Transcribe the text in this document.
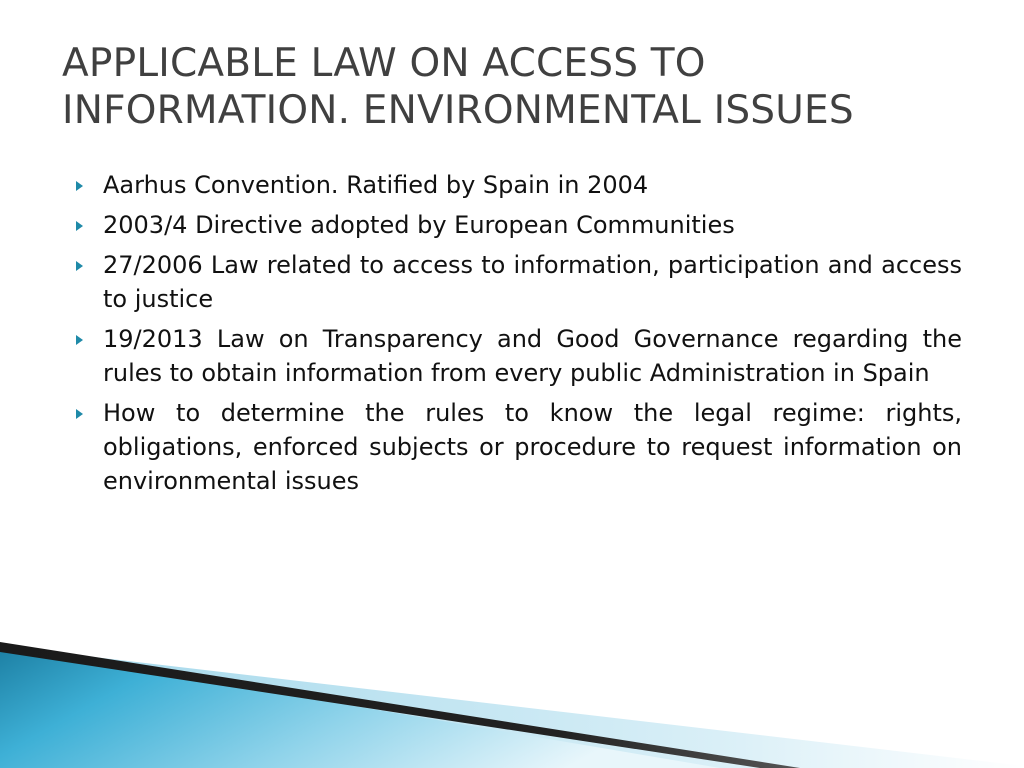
APPLICABLE LAW ON ACCESS TO INFORMATION. ENVIRONMENTAL ISSUES
Aarhus Convention. Ratified by Spain in 2004
2003/4 Directive adopted by European Communities
27/2006 Law related to access to information, participation and access to justice
19/2013 Law on Transparency and Good Governance regarding the rules to obtain information from every public Administration in Spain
How to determine the rules to know the legal regime: rights, obligations, enforced subjects or procedure to request information on environmental issues
